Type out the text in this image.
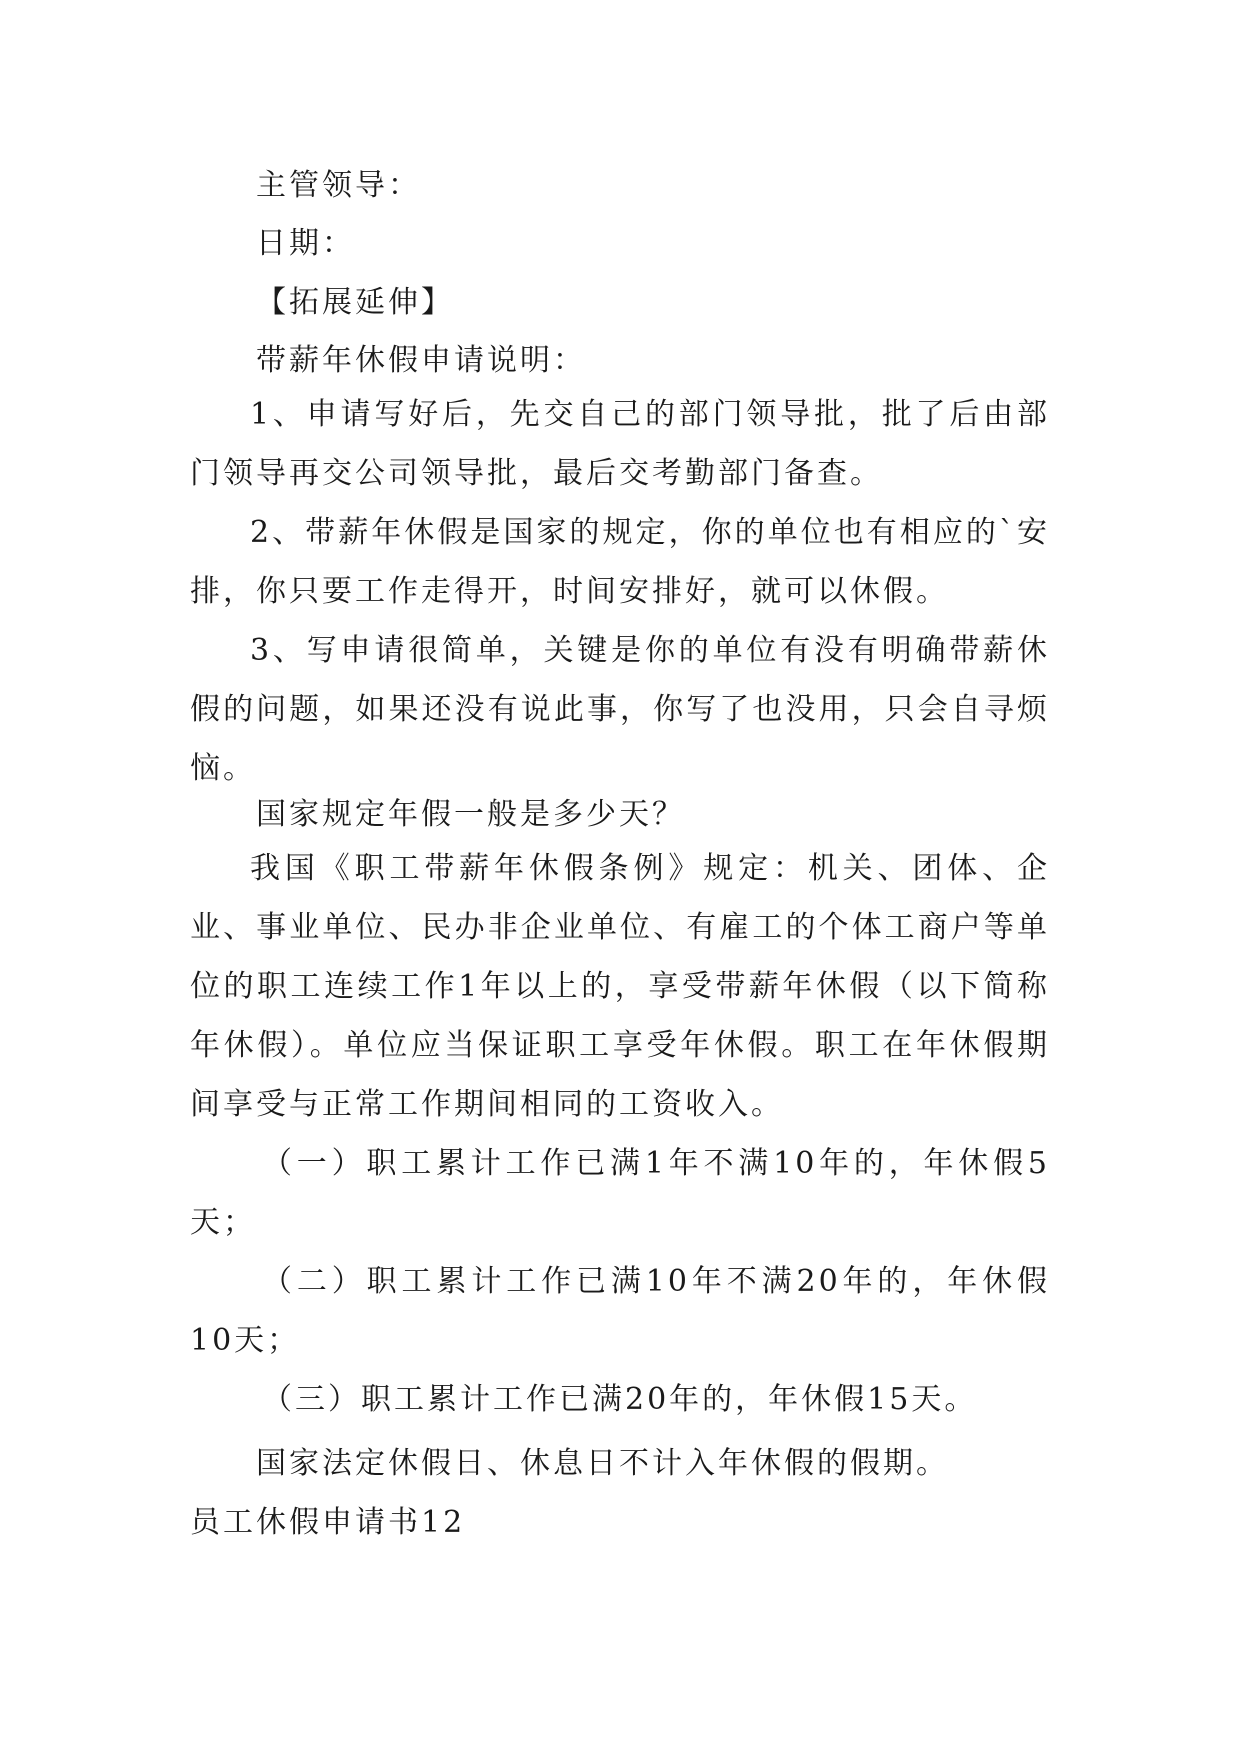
主管领导：
日期：
【拓展延伸】
带薪年休假申请说明：

1、申请写好后，先交自己的部门领导批，批了后由部门领导再交公司领导批，最后交考勤部门备查。

2、带薪年休假是国家的规定，你的单位也有相应的`安排，你只要工作走得开，时间安排好，就可以休假。

3、写申请很简单，关键是你的单位有没有明确带薪休假的问题，如果还没有说此事，你写了也没用，只会自寻烦恼。

国家规定年假一般是多少天？

我国《职工带薪年休假条例》规定：机关、团体、企业、事业单位、民办非企业单位、有雇工的个体工商户等单位的职工连续工作1年以上的，享受带薪年休假（以下简称年休假）。单位应当保证职工享受年休假。职工在年休假期间享受与正常工作期间相同的工资收入。

（一）职工累计工作已满1年不满10年的，年休假5天；

（二）职工累计工作已满10年不满20年的，年休假10天；

（三）职工累计工作已满20年的，年休假15天。

国家法定休假日、休息日不计入年休假的假期。
员工休假申请书12
